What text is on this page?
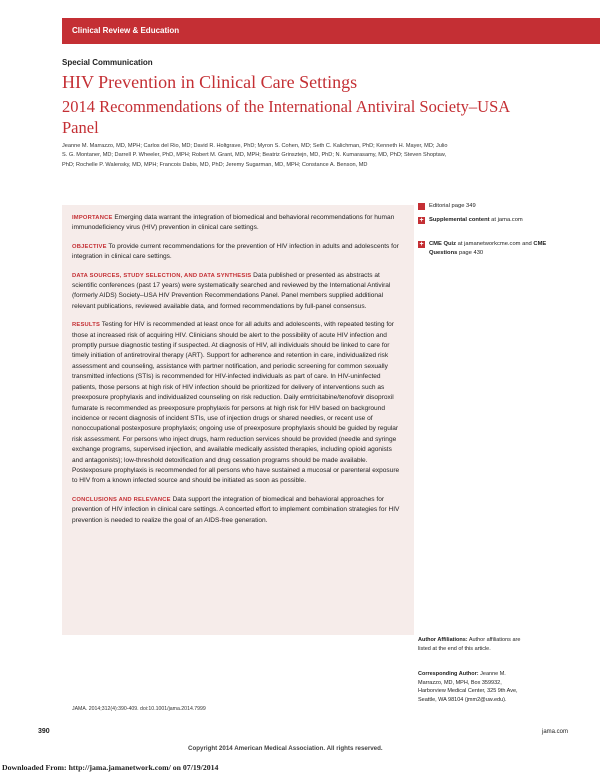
Clinical Review & Education
Special Communication
HIV Prevention in Clinical Care Settings
2014 Recommendations of the International Antiviral Society–USA Panel
Jeanne M. Marrazzo, MD, MPH; Carlos del Rio, MD; David R. Holtgrave, PhD; Myron S. Cohen, MD; Seth C. Kalichman, PhD; Kenneth H. Mayer, MD; Julio S. G. Montaner, MD; Darrell P. Wheeler, PhD, MPH; Robert M. Grant, MD, MPH; Beatriz Grinsztejn, MD, PhD; N. Kumarasamy, MD, PhD; Steven Shoptaw, PhD; Rochelle P. Walensky, MD, MPH; Francois Dabis, MD, PhD; Jeremy Sugarman, MD, MPH; Constance A. Benson, MD

IMPORTANCE Emerging data warrant the integration of biomedical and behavioral recommendations for human immunodeficiency virus (HIV) prevention in clinical care settings.

OBJECTIVE To provide current recommendations for the prevention of HIV infection in adults and adolescents for integration in clinical care settings.

DATA SOURCES, STUDY SELECTION, AND DATA SYNTHESIS Data published or presented as abstracts at scientific conferences (past 17 years) were systematically searched and reviewed by the International Antiviral (formerly AIDS) Society–USA HIV Prevention Recommendations Panel. Panel members supplied additional relevant publications, reviewed available data, and formed recommendations by full-panel consensus.

RESULTS Testing for HIV is recommended at least once for all adults and adolescents, with repeated testing for those at increased risk of acquiring HIV. Clinicians should be alert to the possibility of acute HIV infection and promptly pursue diagnostic testing if suspected. At diagnosis of HIV, all individuals should be linked to care for timely initiation of antiretroviral therapy (ART). Support for adherence and retention in care, individualized risk assessment and counseling, assistance with partner notification, and periodic screening for common sexually transmitted infections (STIs) is recommended for HIV-infected individuals as part of care. In HIV-uninfected patients, those persons at high risk of HIV infection should be prioritized for delivery of interventions such as preexposure prophylaxis and individualized counseling on risk reduction. Daily emtricitabine/tenofovir disoproxil fumarate is recommended as preexposure prophylaxis for persons at high risk for HIV based on background incidence or recent diagnosis of incident STIs, use of injection drugs or shared needles, or recent use of nonoccupational postexposure prophylaxis; ongoing use of preexposure prophylaxis should be guided by regular risk assessment. For persons who inject drugs, harm reduction services should be provided (needle and syringe exchange programs, supervised injection, and available medically assisted therapies, including opioid agonists and antagonists); low-threshold detoxification and drug cessation programs should be made available. Postexposure prophylaxis is recommended for all persons who have sustained a mucosal or parenteral exposure to HIV from a known infected source and should be initiated as soon as possible.

CONCLUSIONS AND RELEVANCE Data support the integration of biomedical and behavioral approaches for prevention of HIV infection in clinical care settings. A concerted effort to implement combination strategies for HIV prevention is needed to realize the goal of an AIDS-free generation.

Editorial page 349
+ Supplemental content at jama.com
+ CME Quiz at jamanetworkcme.com and CME Questions page 430
Author Affiliations: Author affiliations are listed at the end of this article.
Corresponding Author: Jeanne M. Marrazzo, MD, MPH, Box 359932, Harborview Medical Center, 325 9th Ave, Seattle, WA 98104 (jmm2@uw.edu).
JAMA. 2014;312(4):390-409. doi:10.1001/jama.2014.7999
390	jama.com
Copyright 2014 American Medical Association. All rights reserved.
Downloaded From: http://jama.jamanetwork.com/ on 07/19/2014
